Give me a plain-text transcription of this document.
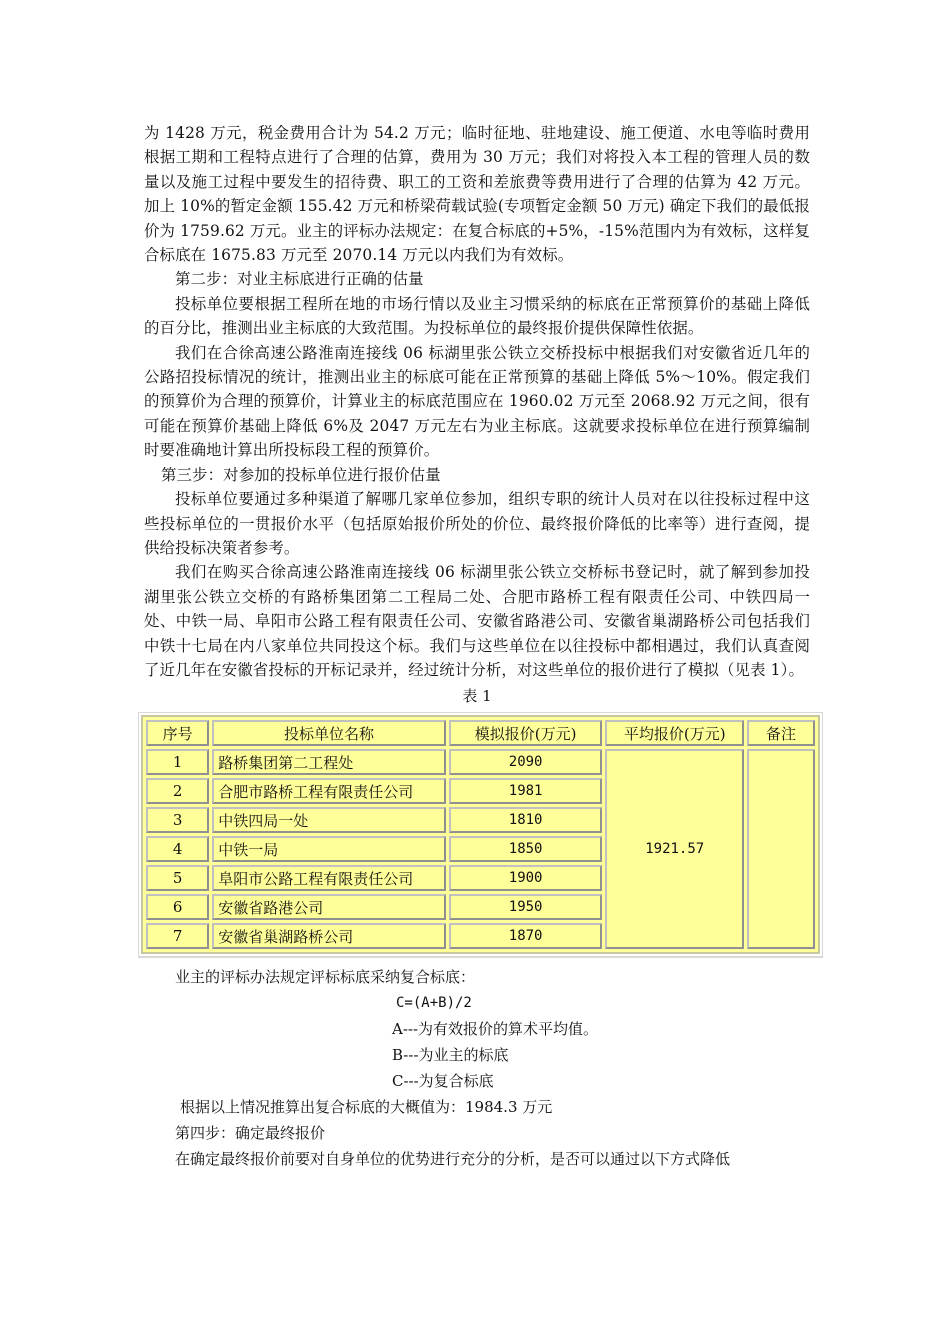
为 1428 万元，税金费用合计为 54.2 万元；临时征地、驻地建设、施工便道、水电等临时费用根据工期和工程特点进行了合理的估算，费用为 30 万元；我们对将投入本工程的管理人员的数量以及施工过程中要发生的招待费、职工的工资和差旅费等费用进行了合理的估算为 42 万元。加上 10%的暂定金额 155.42 万元和桥梁荷载试验(专项暂定金额 50 万元) 确定下我们的最低报价为 1759.62 万元。业主的评标办法规定：在复合标底的+5%，-15%范围内为有效标，这样复合标底在 1675.83 万元至 2070.14 万元以内我们为有效标。

第二步：对业主标底进行正确的估量

投标单位要根据工程所在地的市场行情以及业主习惯采纳的标底在正常预算价的基础上降低的百分比，推测出业主标底的大致范围。为投标单位的最终报价提供保障性依据。

我们在合徐高速公路淮南连接线 06 标湖里张公铁立交桥投标中根据我们对安徽省近几年的公路招投标情况的统计，推测出业主的标底可能在正常预算的基础上降低 5%～10%。假定我们的预算价为合理的预算价，计算业主的标底范围应在 1960.02 万元至 2068.92 万元之间，很有可能在预算价基础上降低 6%及 2047 万元左右为业主标底。这就要求投标单位在进行预算编制时要准确地计算出所投标段工程的预算价。

第三步：对参加的投标单位进行报价估量

投标单位要通过多种渠道了解哪几家单位参加，组织专职的统计人员对在以往投标过程中这些投标单位的一贯报价水平（包括原始报价所处的价位、最终报价降低的比率等）进行查阅，提供给投标决策者参考。

我们在购买合徐高速公路淮南连接线 06 标湖里张公铁立交桥标书登记时，就了解到参加投湖里张公铁立交桥的有路桥集团第二工程局二处、合肥市路桥工程有限责任公司、中铁四局一处、中铁一局、阜阳市公路工程有限责任公司、安徽省路港公司、安徽省巢湖路桥公司包括我们中铁十七局在内八家单位共同投这个标。我们与这些单位在以往投标中都相遇过，我们认真查阅了近几年在安徽省投标的开标记录并，经过统计分析，对这些单位的报价进行了模拟（见表 1）。

表 1

序号	投标单位名称	模拟报价(万元)	平均报价(万元)	备注
1	路桥集团第二工程处	2090	1921.57	
2	合肥市路桥工程有限责任公司	1981		
3	中铁四局一处	1810		
4	中铁一局	1850		
5	阜阳市公路工程有限责任公司	1900		
6	安徽省路港公司	1950		
7	安徽省巢湖路桥公司	1870		

业主的评标办法规定评标标底采纳复合标底：

C=(A+B)/2

A---为有效报价的算术平均值。

B---为业主的标底

C---为复合标底

根据以上情况推算出复合标底的大概值为：1984.3 万元

第四步：确定最终报价

在确定最终报价前要对自身单位的优势进行充分的分析，是否可以通过以下方式降低
